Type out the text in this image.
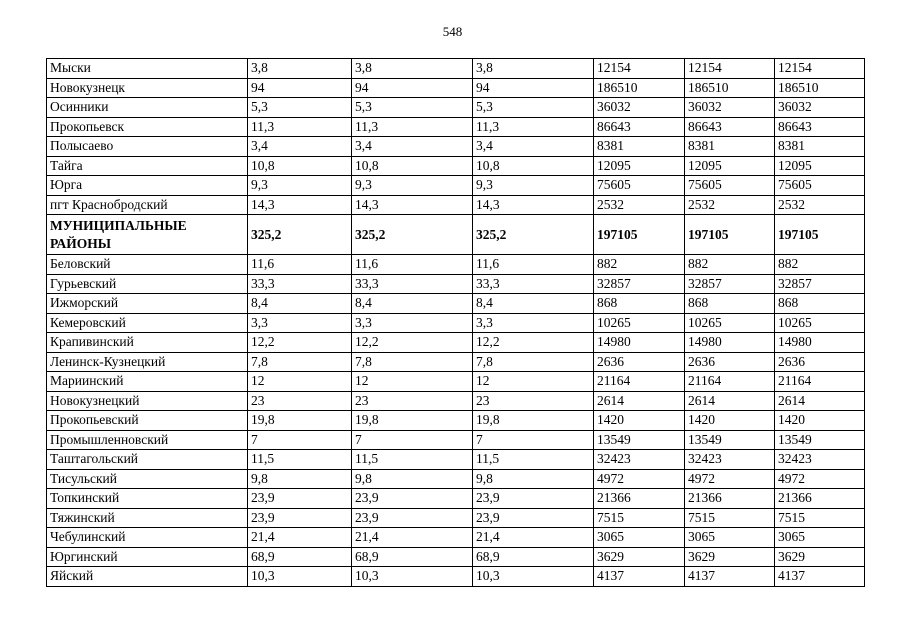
548
Мыски	3,8	3,8	3,8	12154	12154	12154
Новокузнецк	94	94	94	186510	186510	186510
Осинники	5,3	5,3	5,3	36032	36032	36032
Прокопьевск	11,3	11,3	11,3	86643	86643	86643
Полысаево	3,4	3,4	3,4	8381	8381	8381
Тайга	10,8	10,8	10,8	12095	12095	12095
Юрга	9,3	9,3	9,3	75605	75605	75605
пгт Краснобродский	14,3	14,3	14,3	2532	2532	2532
МУНИЦИПАЛЬНЫЕ РАЙОНЫ	325,2	325,2	325,2	197105	197105	197105
Беловский	11,6	11,6	11,6	882	882	882
Гурьевский	33,3	33,3	33,3	32857	32857	32857
Ижморский	8,4	8,4	8,4	868	868	868
Кемеровский	3,3	3,3	3,3	10265	10265	10265
Крапивинский	12,2	12,2	12,2	14980	14980	14980
Ленинск-Кузнецкий	7,8	7,8	7,8	2636	2636	2636
Мариинский	12	12	12	21164	21164	21164
Новокузнецкий	23	23	23	2614	2614	2614
Прокопьевский	19,8	19,8	19,8	1420	1420	1420
Промышленновский	7	7	7	13549	13549	13549
Таштагольский	11,5	11,5	11,5	32423	32423	32423
Тисульский	9,8	9,8	9,8	4972	4972	4972
Топкинский	23,9	23,9	23,9	21366	21366	21366
Тяжинский	23,9	23,9	23,9	7515	7515	7515
Чебулинский	21,4	21,4	21,4	3065	3065	3065
Юргинский	68,9	68,9	68,9	3629	3629	3629
Яйский	10,3	10,3	10,3	4137	4137	4137
